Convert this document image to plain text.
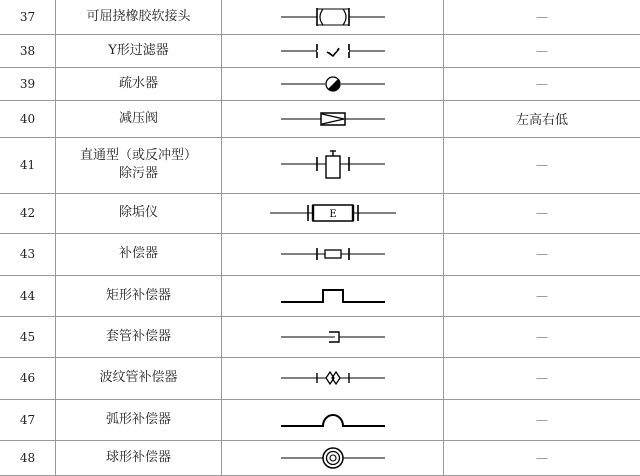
37	可屈挠橡胶软接头		—
38	Y形过滤器		—
39	疏水器		—
40	减压阀		左高右低
41	直通型（或反冲型）
除污器		—
42	除垢仪	E	—
43	补偿器		—
44	矩形补偿器		—
45	套管补偿器		—
46	波纹管补偿器		—
47	弧形补偿器		—
48	球形补偿器		—
